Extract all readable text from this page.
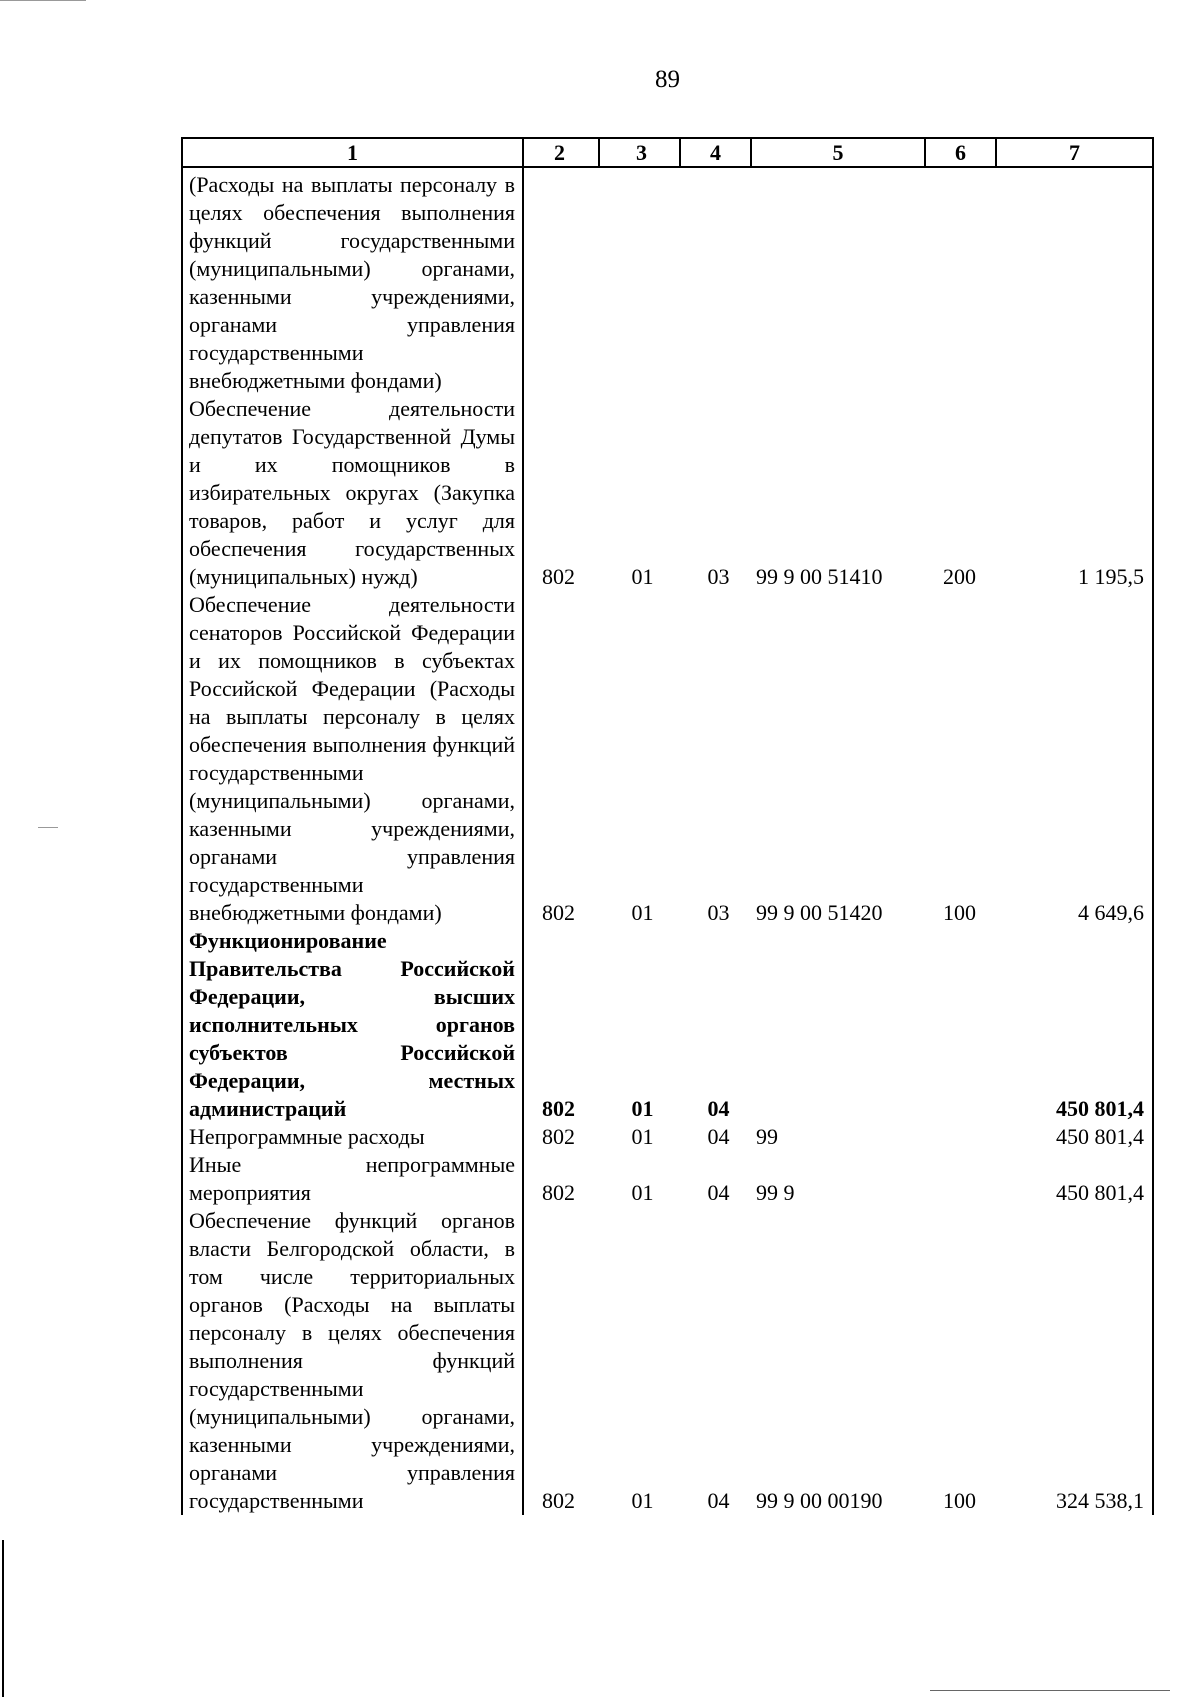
89
1	2	3	4	5	6	7
(Расходы на выплаты персоналу в целях обеспечения выполнения функций государственными (муниципальными) органами, казенными учреждениями, органами управления государственными внебюджетными фондами)						
Обеспечение деятельности депутатов Государственной Думы и их помощников в избирательных округах (Закупка товаров, работ и услуг для обеспечения государственных (муниципальных) нужд)	802	01	03	99 9 00 51410	200	1 195,5
Обеспечение деятельности сенаторов Российской Федерации и их помощников в субъектах Российской Федерации (Расходы на выплаты персоналу в целях обеспечения выполнения функций государственными (муниципальными) органами, казенными учреждениями, органами управления государственными внебюджетными фондами)	802	01	03	99 9 00 51420	100	4 649,6
Функционирование Правительства Российской Федерации, высших исполнительных органов субъектов Российской Федерации, местных администраций	802	01	04			450 801,4
Непрограммные расходы	802	01	04	99		450 801,4
Иные непрограммные мероприятия	802	01	04	99 9		450 801,4
Обеспечение функций органов власти Белгородской области, в том числе территориальных органов (Расходы на выплаты персоналу в целях обеспечения выполнения функций государственными (муниципальными) органами, казенными учреждениями, органами управления государственными	802	01	04	99 9 00 00190	100	324 538,1
